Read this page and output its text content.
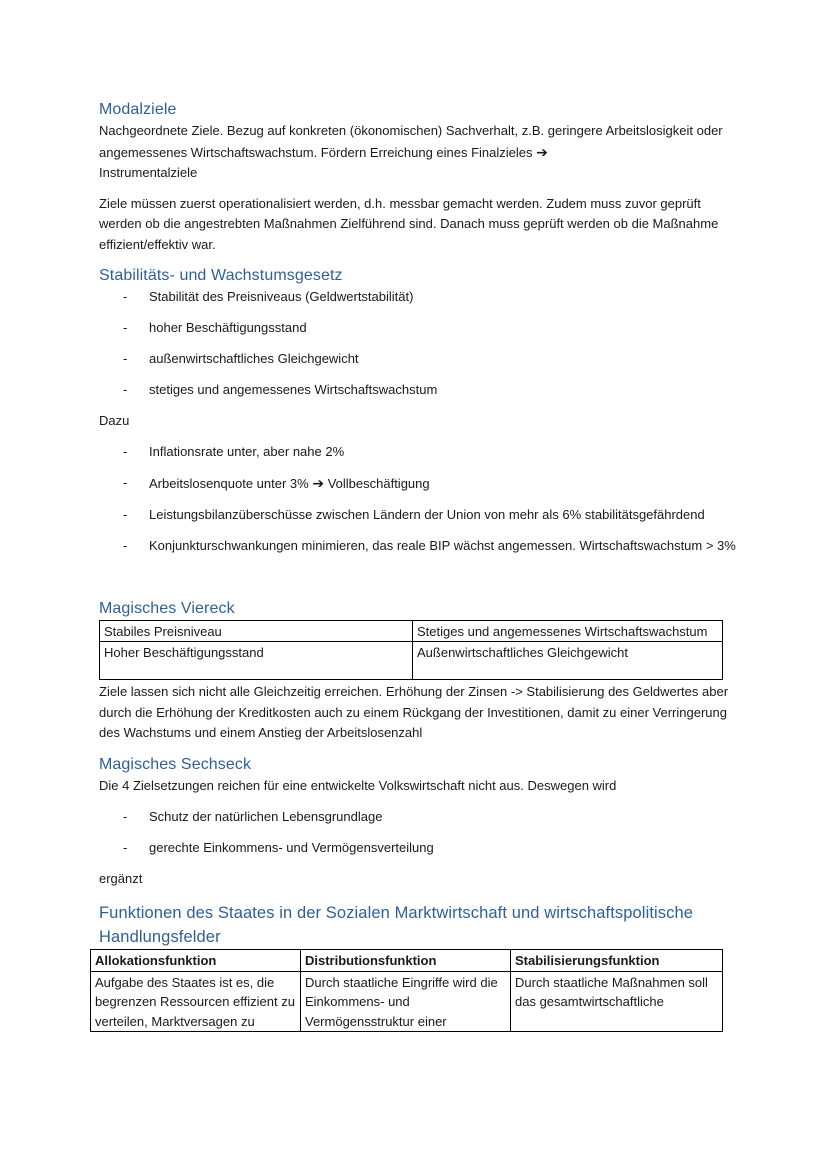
Modalziele

Nachgeordnete Ziele. Bezug auf konkreten (ökonomischen) Sachverhalt, z.B. geringere Arbeitslosigkeit oder angemessenes Wirtschaftswachstum. Fördern Erreichung eines Finalzieles ➔
Instrumentalziele

Ziele müssen zuerst operationalisiert werden, d.h. messbar gemacht werden. Zudem muss zuvor geprüft werden ob die angestrebten Maßnahmen Zielführend sind. Danach muss geprüft werden ob die Maßnahme effizient/effektiv war.

Stabilitäts- und Wachstumsgesetz
- Stabilität des Preisniveaus (Geldwertstabilität)
- hoher Beschäftigungsstand
- außenwirtschaftliches Gleichgewicht
- stetiges und angemessenes Wirtschaftswachstum

Dazu

- Inflationsrate unter, aber nahe 2%
- Arbeitslosenquote unter 3% ➔ Vollbeschäftigung
- Leistungsbilanzüberschüsse zwischen Ländern der Union von mehr als 6% stabilitätsgefährdend
- Konjunkturschwankungen minimieren, das reale BIP wächst angemessen. Wirtschaftswachstum > 3%
Magisches Viereck
Stabiles Preisniveau	Stetiges und angemessenes Wirtschaftswachstum
Hoher Beschäftigungsstand	Außenwirtschaftliches Gleichgewicht

Ziele lassen sich nicht alle Gleichzeitig erreichen. Erhöhung der Zinsen -> Stabilisierung des Geldwertes aber durch die Erhöhung der Kreditkosten auch zu einem Rückgang der Investitionen, damit zu einer Verringerung des Wachstums und einem Anstieg der Arbeitslosenzahl

Magisches Sechseck

Die 4 Zielsetzungen reichen für eine entwickelte Volkswirtschaft nicht aus. Deswegen wird

- Schutz der natürlichen Lebensgrundlage
- gerechte Einkommens- und Vermögensverteilung

ergänzt

Funktionen des Staates in der Sozialen Marktwirtschaft und wirtschaftspolitische Handlungsfelder
Allokationsfunktion	Distributionsfunktion	Stabilisierungsfunktion
Aufgabe des Staates ist es, die begrenzen Ressourcen effizient zu verteilen, Marktversagen zu	Durch staatliche Eingriffe wird die Einkommens- und Vermögensstruktur einer	Durch staatliche Maßnahmen soll das gesamtwirtschaftliche
